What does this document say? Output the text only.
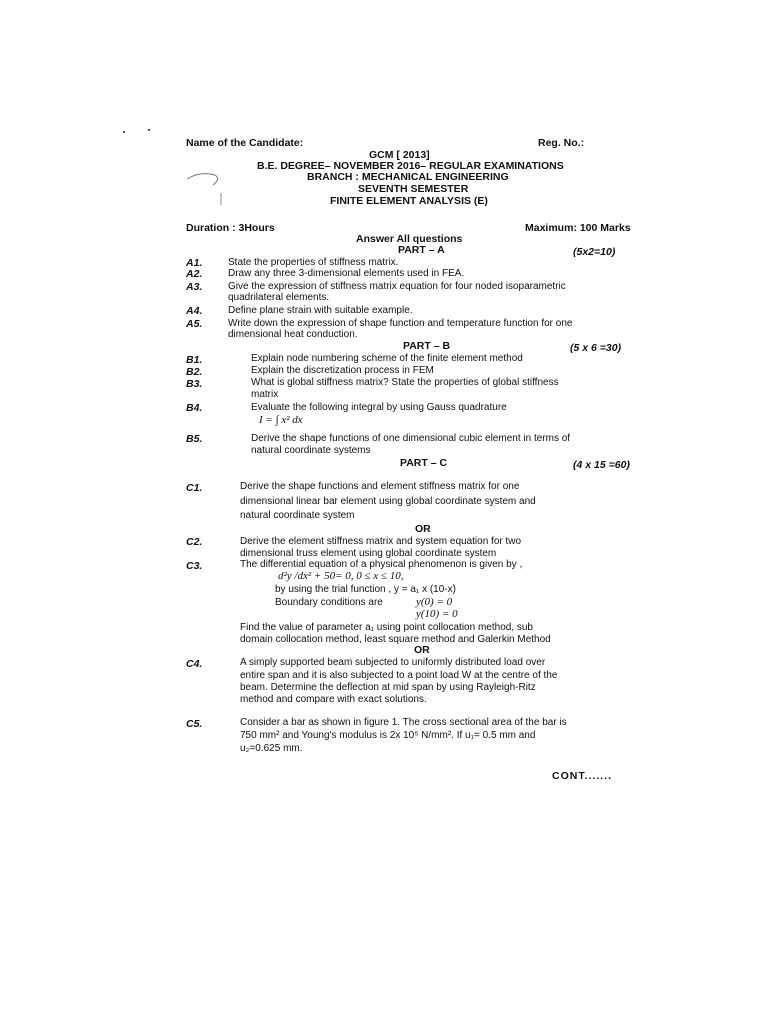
Name of the Candidate:	Reg. No.:
GCM [ 2013]
B.E. DEGREE– NOVEMBER 2016– REGULAR EXAMINATIONS
BRANCH : MECHANICAL ENGINEERING
SEVENTH SEMESTER
FINITE ELEMENT ANALYSIS (E)
Duration : 3Hours	Maximum: 100 Marks
Answer All questions
PART – A	(5x2=10)
A1.	State the properties of stiffness matrix.
A2.	Draw any three 3-dimensional elements used in FEA.
A3.	Give the expression of stiffness matrix equation for four noded isoparametric
quadrilateral elements.
A4.	Define plane strain with suitable example.
A5.	Write down the expression of shape function and temperature function for one
dimensional heat conduction.
PART – B	(5 x 6 =30)
B1.	Explain node numbering scheme of the finite element method
B2.	Explain the discretization process in FEM
B3.	What is global stiffness matrix? State the properties of global stiffness
matrix
B4.	Evaluate the following integral by using Gauss quadrature
I = ∫ x² dx
B5.	Derive the shape functions of one dimensional cubic element in terms of
natural coordinate systems
PART – C	(4 x 15 =60)
C1.	Derive the shape functions and element stiffness matrix for one
dimensional linear bar element using global coordinate system and
natural coordinate system
OR
C2.	Derive the element stiffness matrix and system equation for two
dimensional truss element using global coordinate system
C3.	The differential equation of a physical phenomenon is given by ,
d²y /dx² + 50= 0, 0 ≤ x ≤ 10,
by using the trial function , y = a₁ x (10-x)
Boundary conditions are	y(0) = 0
y(10) = 0
Find the value of parameter a₁ using point collocation method, sub
domain collocation method, least square method and Galerkin Method
OR
C4.	A simply supported beam subjected to uniformly distributed load over
entire span and it is also subjected to a point load W at the centre of the
beam. Determine the deflection at mid span by using Rayleigh-Ritz
method and compare with exact solutions.
C5.	Consider a bar as shown in figure 1. The cross sectional area of the bar is
750 mm² and Young's modulus is 2x 10⁵ N/mm². If u₁= 0.5 mm and
u₂=0.625 mm.
CONT.......
